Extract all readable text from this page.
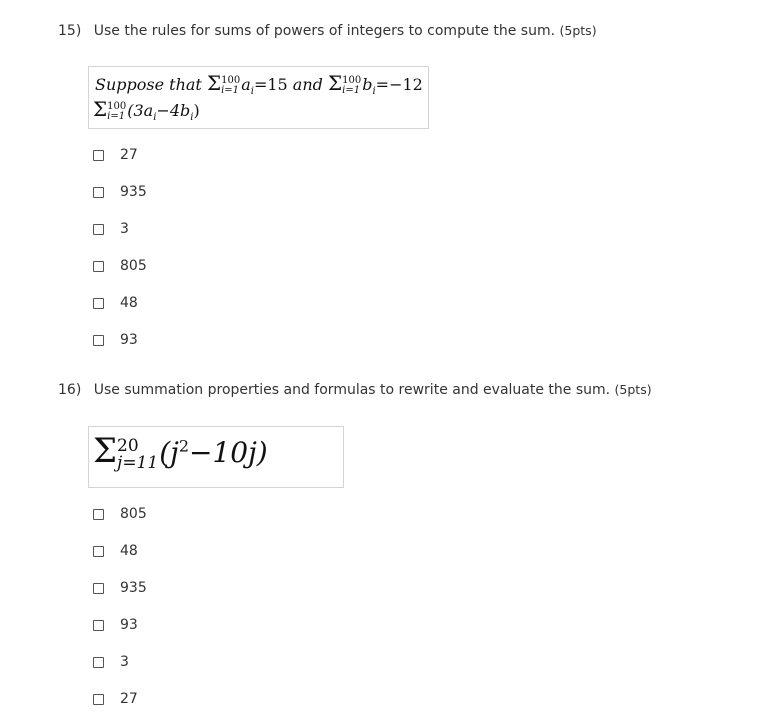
15) Use the rules for sums of powers of integers to compute the sum. (5pts)
Suppose that Σ 100
i=1 $a_i=15$ and Σ 100
i=1 $b_i=-12$
Σ 100
i=1 $(3a_i-4b_i)$
27
935
3
805
48
93
16) Use summation properties and formulas to rewrite and evaluate the sum. (5pts)
Σ 20
j=11 $(j^2-10j)$
805
48
935
93
3
27
